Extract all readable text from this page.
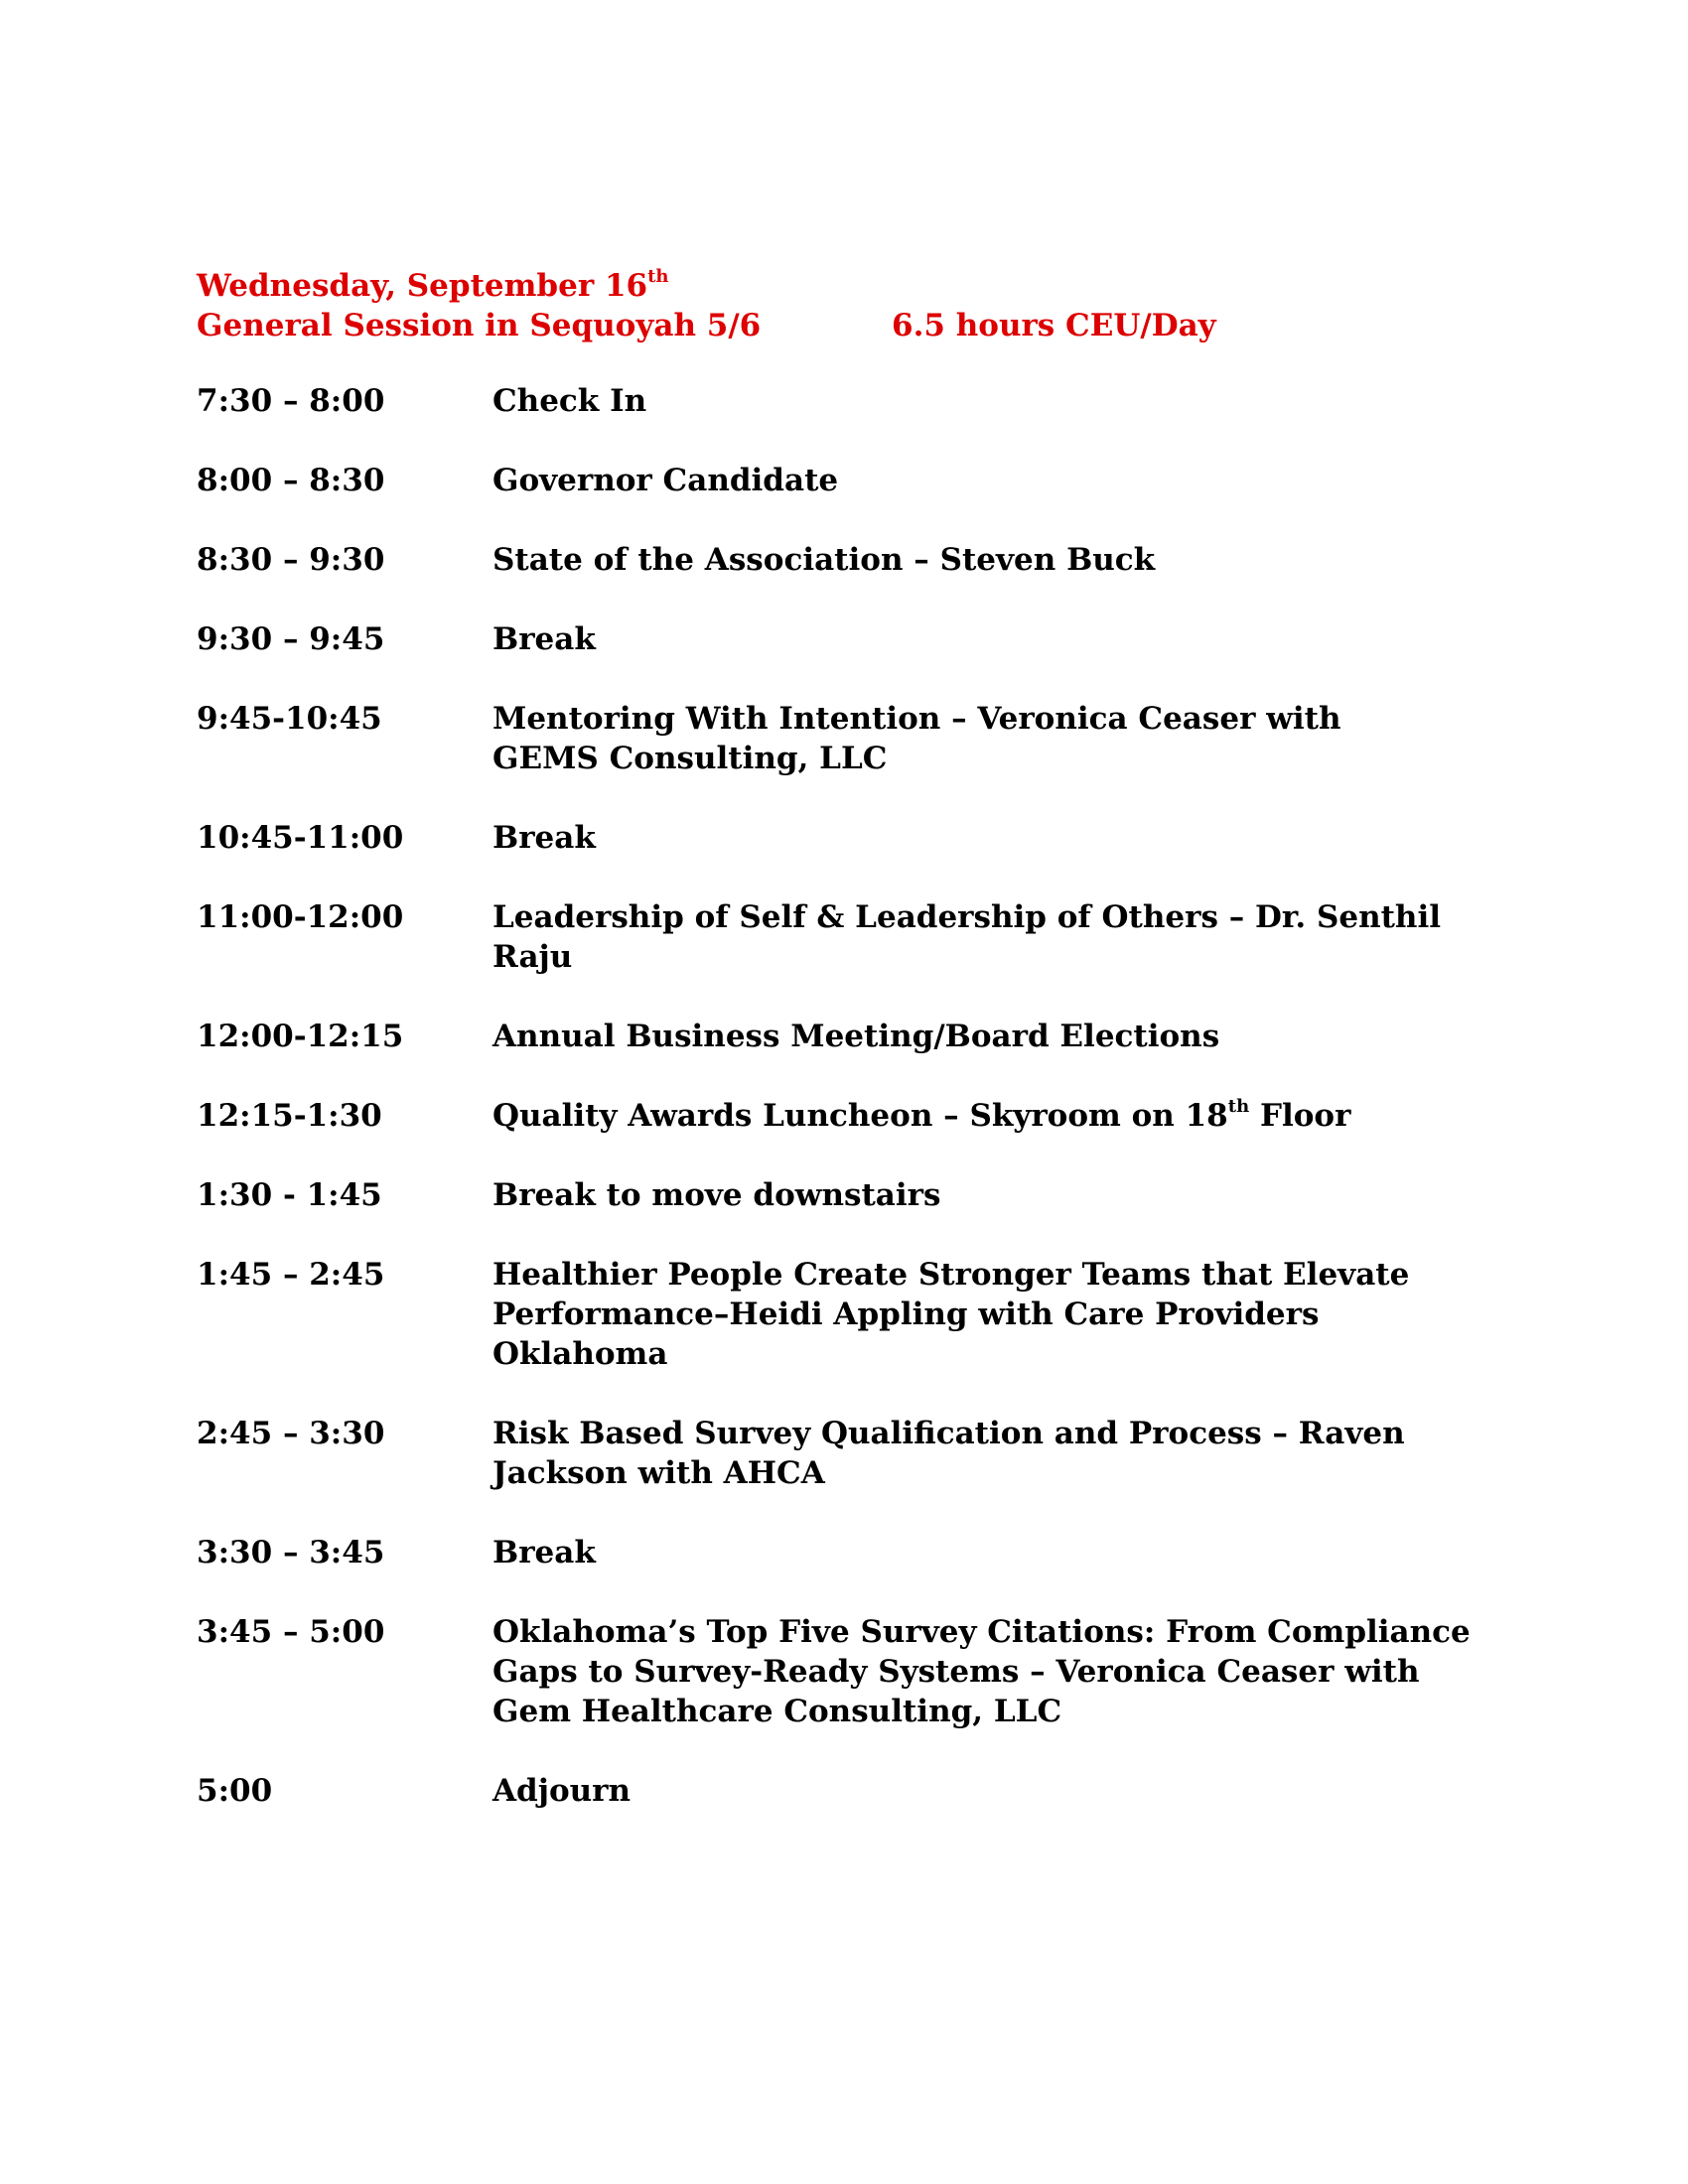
Wednesday, September 16th
General Session in Sequoyah 5/6	6.5 hours CEU/Day
7:30 – 8:00	Check In
8:00 – 8:30	Governor Candidate
8:30 – 9:30	State of the Association – Steven Buck
9:30 – 9:45	Break
9:45-10:45	Mentoring With Intention – Veronica Ceaser with
GEMS Consulting, LLC
10:45-11:00	Break
11:00-12:00	Leadership of Self & Leadership of Others – Dr. Senthil
Raju
12:00-12:15	Annual Business Meeting/Board Elections
12:15-1:30	Quality Awards Luncheon – Skyroom on 18th Floor
1:30 - 1:45	Break to move downstairs
1:45 – 2:45	Healthier People Create Stronger Teams that Elevate
Performance–Heidi Appling with Care Providers Oklahoma
2:45 – 3:30	Risk Based Survey Qualification and Process – Raven
Jackson with AHCA
3:30 – 3:45	Break
3:45 – 5:00	Oklahoma’s Top Five Survey Citations: From Compliance
Gaps to Survey-Ready Systems – Veronica Ceaser with
Gem Healthcare Consulting, LLC
5:00	Adjourn
